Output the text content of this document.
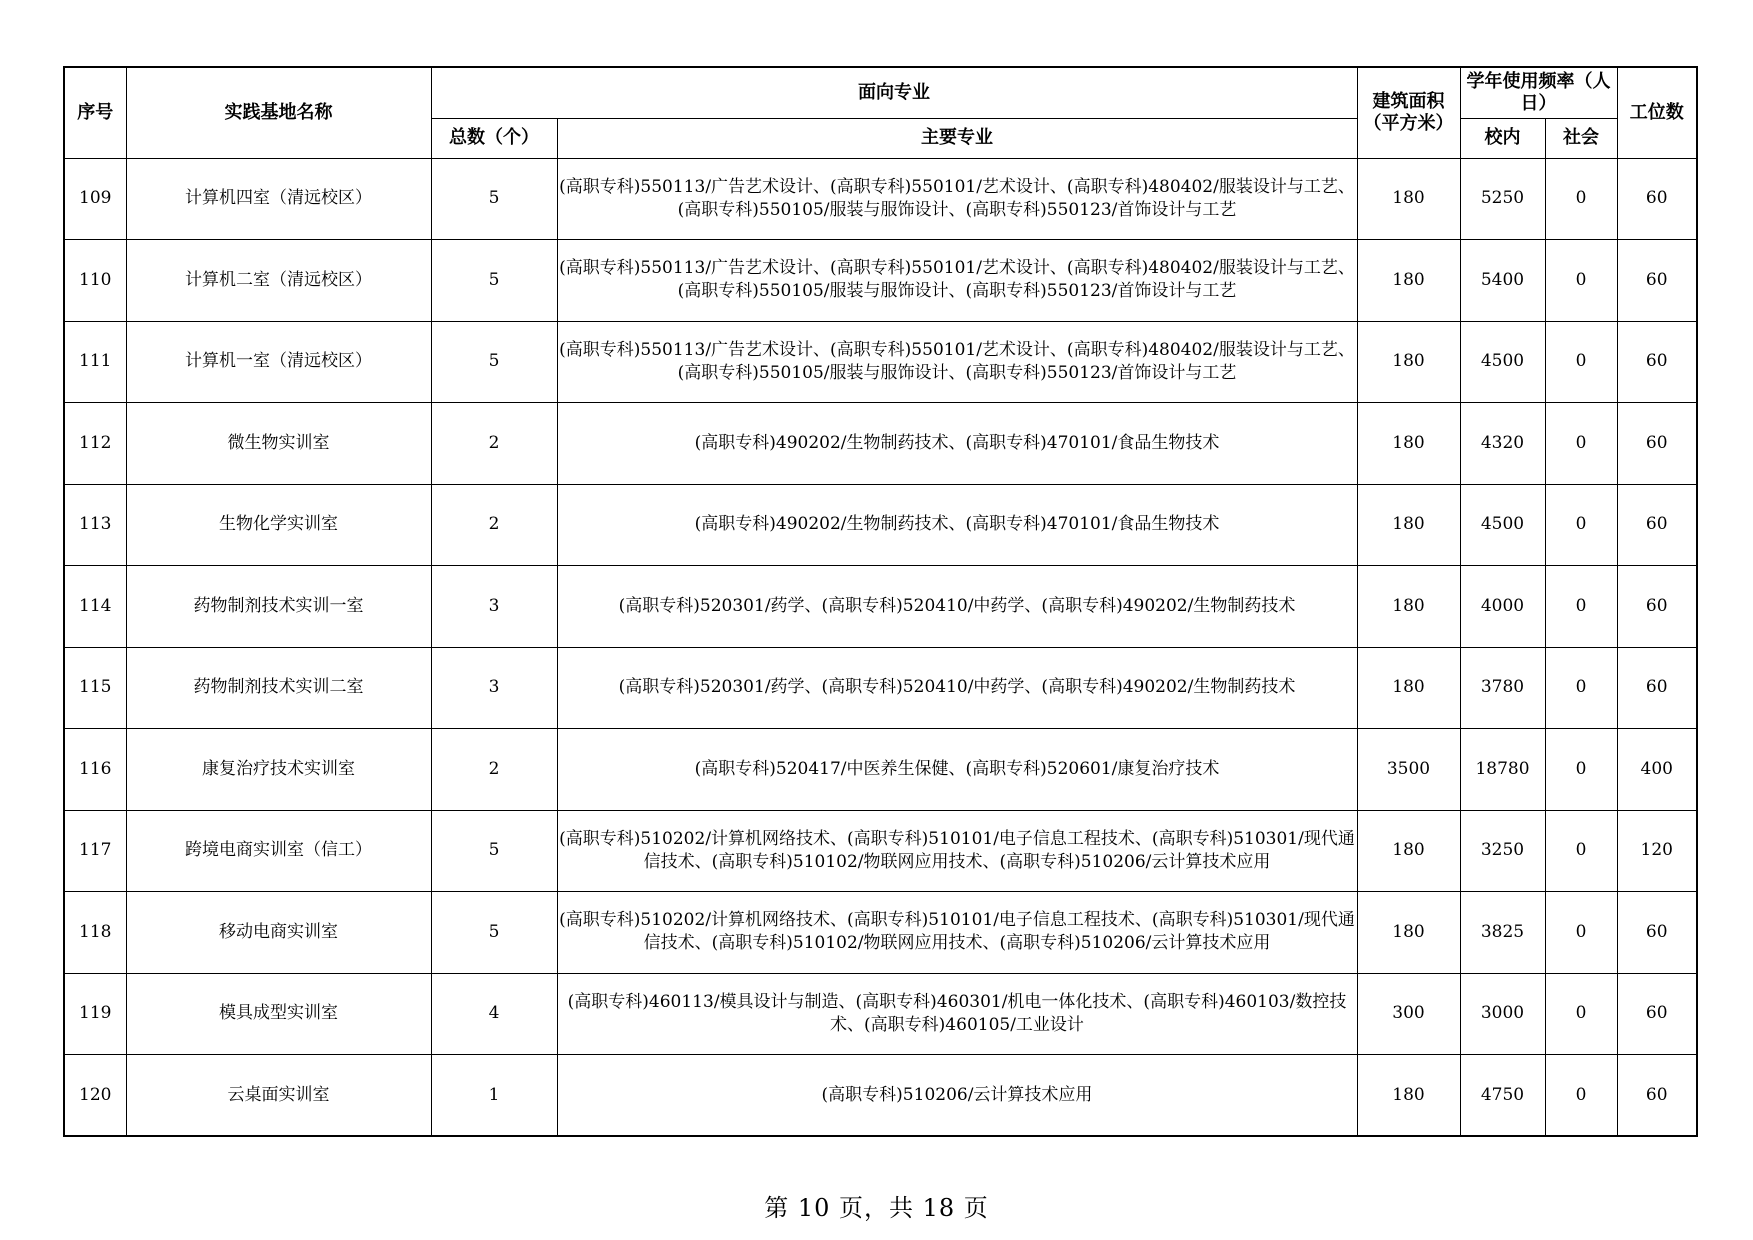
序号	实践基地名称	面向专业		建筑面积（平方米）	学年使用频率（人日）		工位数
		总数（个）	主要专业		校内	社会	
109	计算机四室（清远校区）	5	(高职专科)550113/广告艺术设计、(高职专科)550101/艺术设计、(高职专科)480402/服装设计与工艺、(高职专科)550105/服装与服饰设计、(高职专科)550123/首饰设计与工艺	180	5250	0	60
110	计算机二室（清远校区）	5	(高职专科)550113/广告艺术设计、(高职专科)550101/艺术设计、(高职专科)480402/服装设计与工艺、(高职专科)550105/服装与服饰设计、(高职专科)550123/首饰设计与工艺	180	5400	0	60
111	计算机一室（清远校区）	5	(高职专科)550113/广告艺术设计、(高职专科)550101/艺术设计、(高职专科)480402/服装设计与工艺、(高职专科)550105/服装与服饰设计、(高职专科)550123/首饰设计与工艺	180	4500	0	60
112	微生物实训室	2	(高职专科)490202/生物制药技术、(高职专科)470101/食品生物技术	180	4320	0	60
113	生物化学实训室	2	(高职专科)490202/生物制药技术、(高职专科)470101/食品生物技术	180	4500	0	60
114	药物制剂技术实训一室	3	(高职专科)520301/药学、(高职专科)520410/中药学、(高职专科)490202/生物制药技术	180	4000	0	60
115	药物制剂技术实训二室	3	(高职专科)520301/药学、(高职专科)520410/中药学、(高职专科)490202/生物制药技术	180	3780	0	60
116	康复治疗技术实训室	2	(高职专科)520417/中医养生保健、(高职专科)520601/康复治疗技术	3500	18780	0	400
117	跨境电商实训室（信工）	5	(高职专科)510202/计算机网络技术、(高职专科)510101/电子信息工程技术、(高职专科)510301/现代通信技术、(高职专科)510102/物联网应用技术、(高职专科)510206/云计算技术应用	180	3250	0	120
118	移动电商实训室	5	(高职专科)510202/计算机网络技术、(高职专科)510101/电子信息工程技术、(高职专科)510301/现代通信技术、(高职专科)510102/物联网应用技术、(高职专科)510206/云计算技术应用	180	3825	0	60
119	模具成型实训室	4	(高职专科)460113/模具设计与制造、(高职专科)460301/机电一体化技术、(高职专科)460103/数控技术、(高职专科)460105/工业设计	300	3000	0	60
120	云桌面实训室	1	(高职专科)510206/云计算技术应用	180	4750	0	60
第 10 页，共 18 页
